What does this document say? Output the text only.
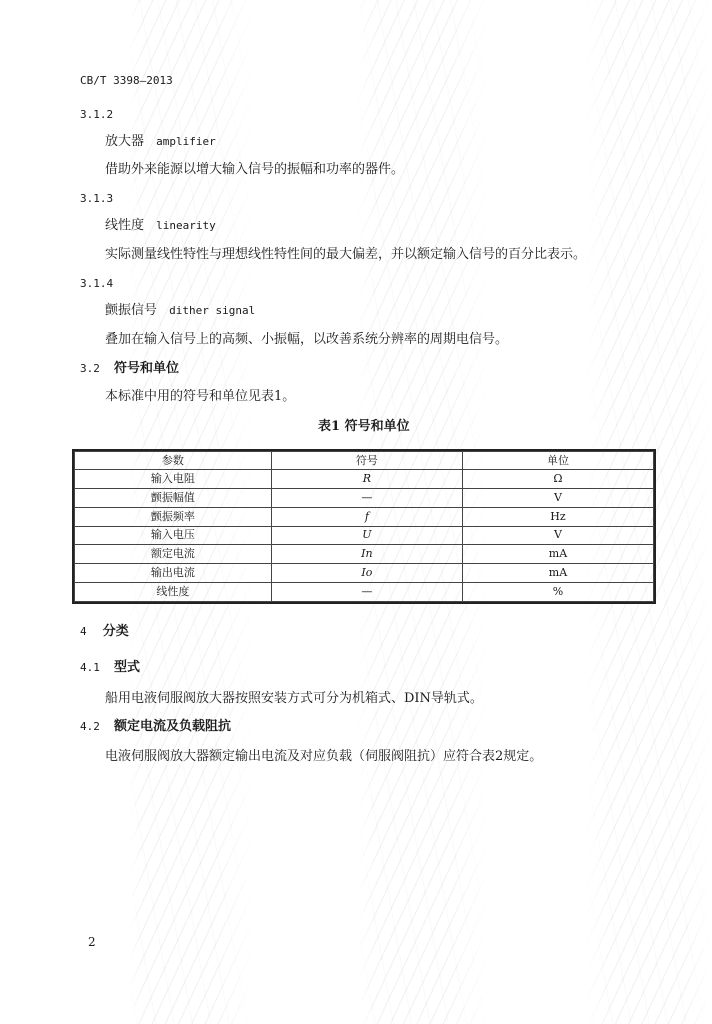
CB/T 3398—2013
3.1.2
放大器 amplifier
借助外来能源以增大输入信号的振幅和功率的器件。
3.1.3
线性度 linearity
实际测量线性特性与理想线性特性间的最大偏差，并以额定输入信号的百分比表示。
3.1.4
颤振信号 dither signal
叠加在输入信号上的高频、小振幅，以改善系统分辨率的周期电信号。
3.2 符号和单位
本标准中用的符号和单位见表1。
表1 符号和单位
参数	符号	单位
输入电阻	R	Ω
颤振幅值	—	V
颤振频率	f	Hz
输入电压	U	V
额定电流	In	mA
输出电流	Io	mA
线性度	—	%
4 分类
4.1 型式
船用电液伺服阀放大器按照安装方式可分为机箱式、DIN导轨式。
4.2 额定电流及负载阻抗
电液伺服阀放大器额定输出电流及对应负载（伺服阀阻抗）应符合表2规定。
2
